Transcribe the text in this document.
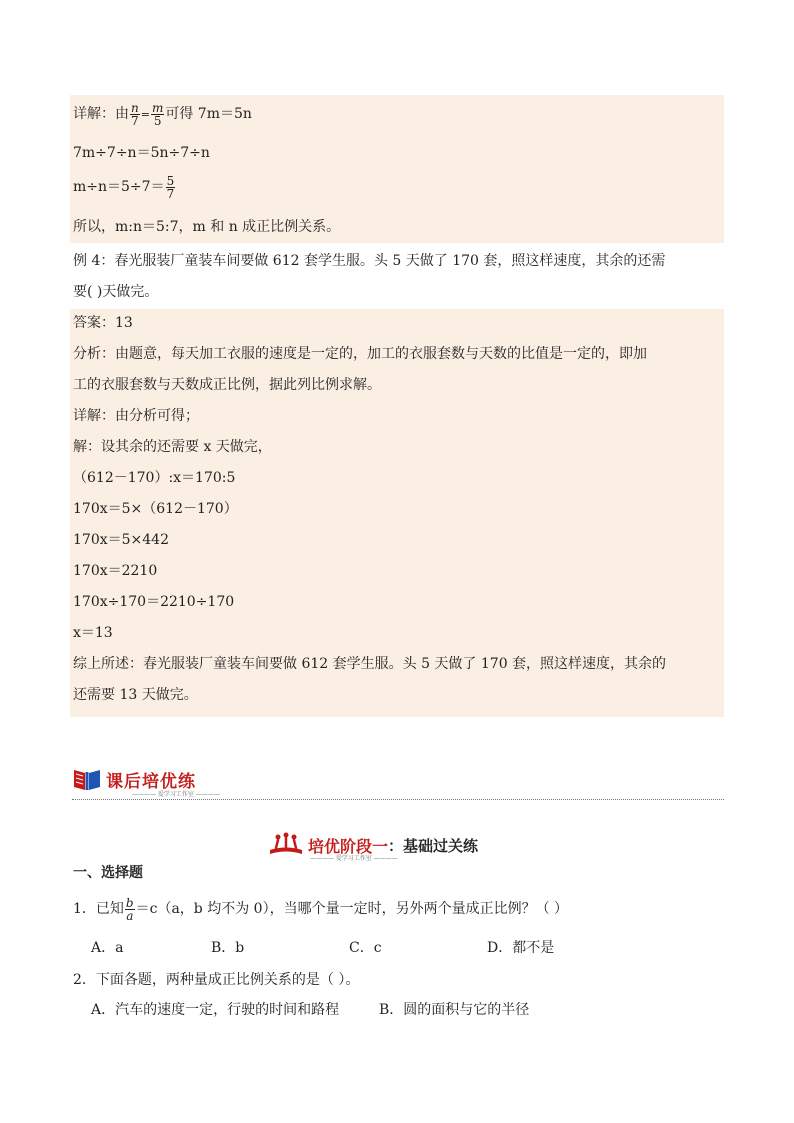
详解：由 $\frac{n}{7} = \frac{m}{5}$ 可得 7m＝5n
7m÷7÷n＝5n÷7÷n
$m\div n=5\div 7= \frac{5}{7}$
所以，m:n＝5:7，m 和 n 成正比例关系。
例 4：春光服装厂童装车间要做 612 套学生服。头 5 天做了 170 套，照这样速度，其余的还需
要( )天做完。
答案：13
分析：由题意，每天加工衣服的速度是一定的，加工的衣服套数与天数的比值是一定的，即加
工的衣服套数与天数成正比例，据此列比例求解。
详解：由分析可得；
解：设其余的还需要 x 天做完，
（612－170）:x＝170:5
170x＝5×（612－170）
170x＝5×442
170x＝2210
170x÷170＝2210÷170
x＝13
综上所述：春光服装厂童装车间要做 612 套学生服。头 5 天做了 170 套，照这样速度，其余的
还需要 13 天做完。
课后培优练
———— 爱学习工作室 ————
培优阶段一 ：基础过关练
———— 爱学习工作室 ————
一、选择题
1．已知 $\frac{b}{a} =c(a$，b 均不为 0），当哪个量一定时，另外两个量成正比例？（ ）
A．a	B．b	C．c	D．都不是
2．下面各题，两种量成正比例关系的是（ ）。
A．汽车的速度一定，行驶的时间和路程	B．圆的面积与它的半径
